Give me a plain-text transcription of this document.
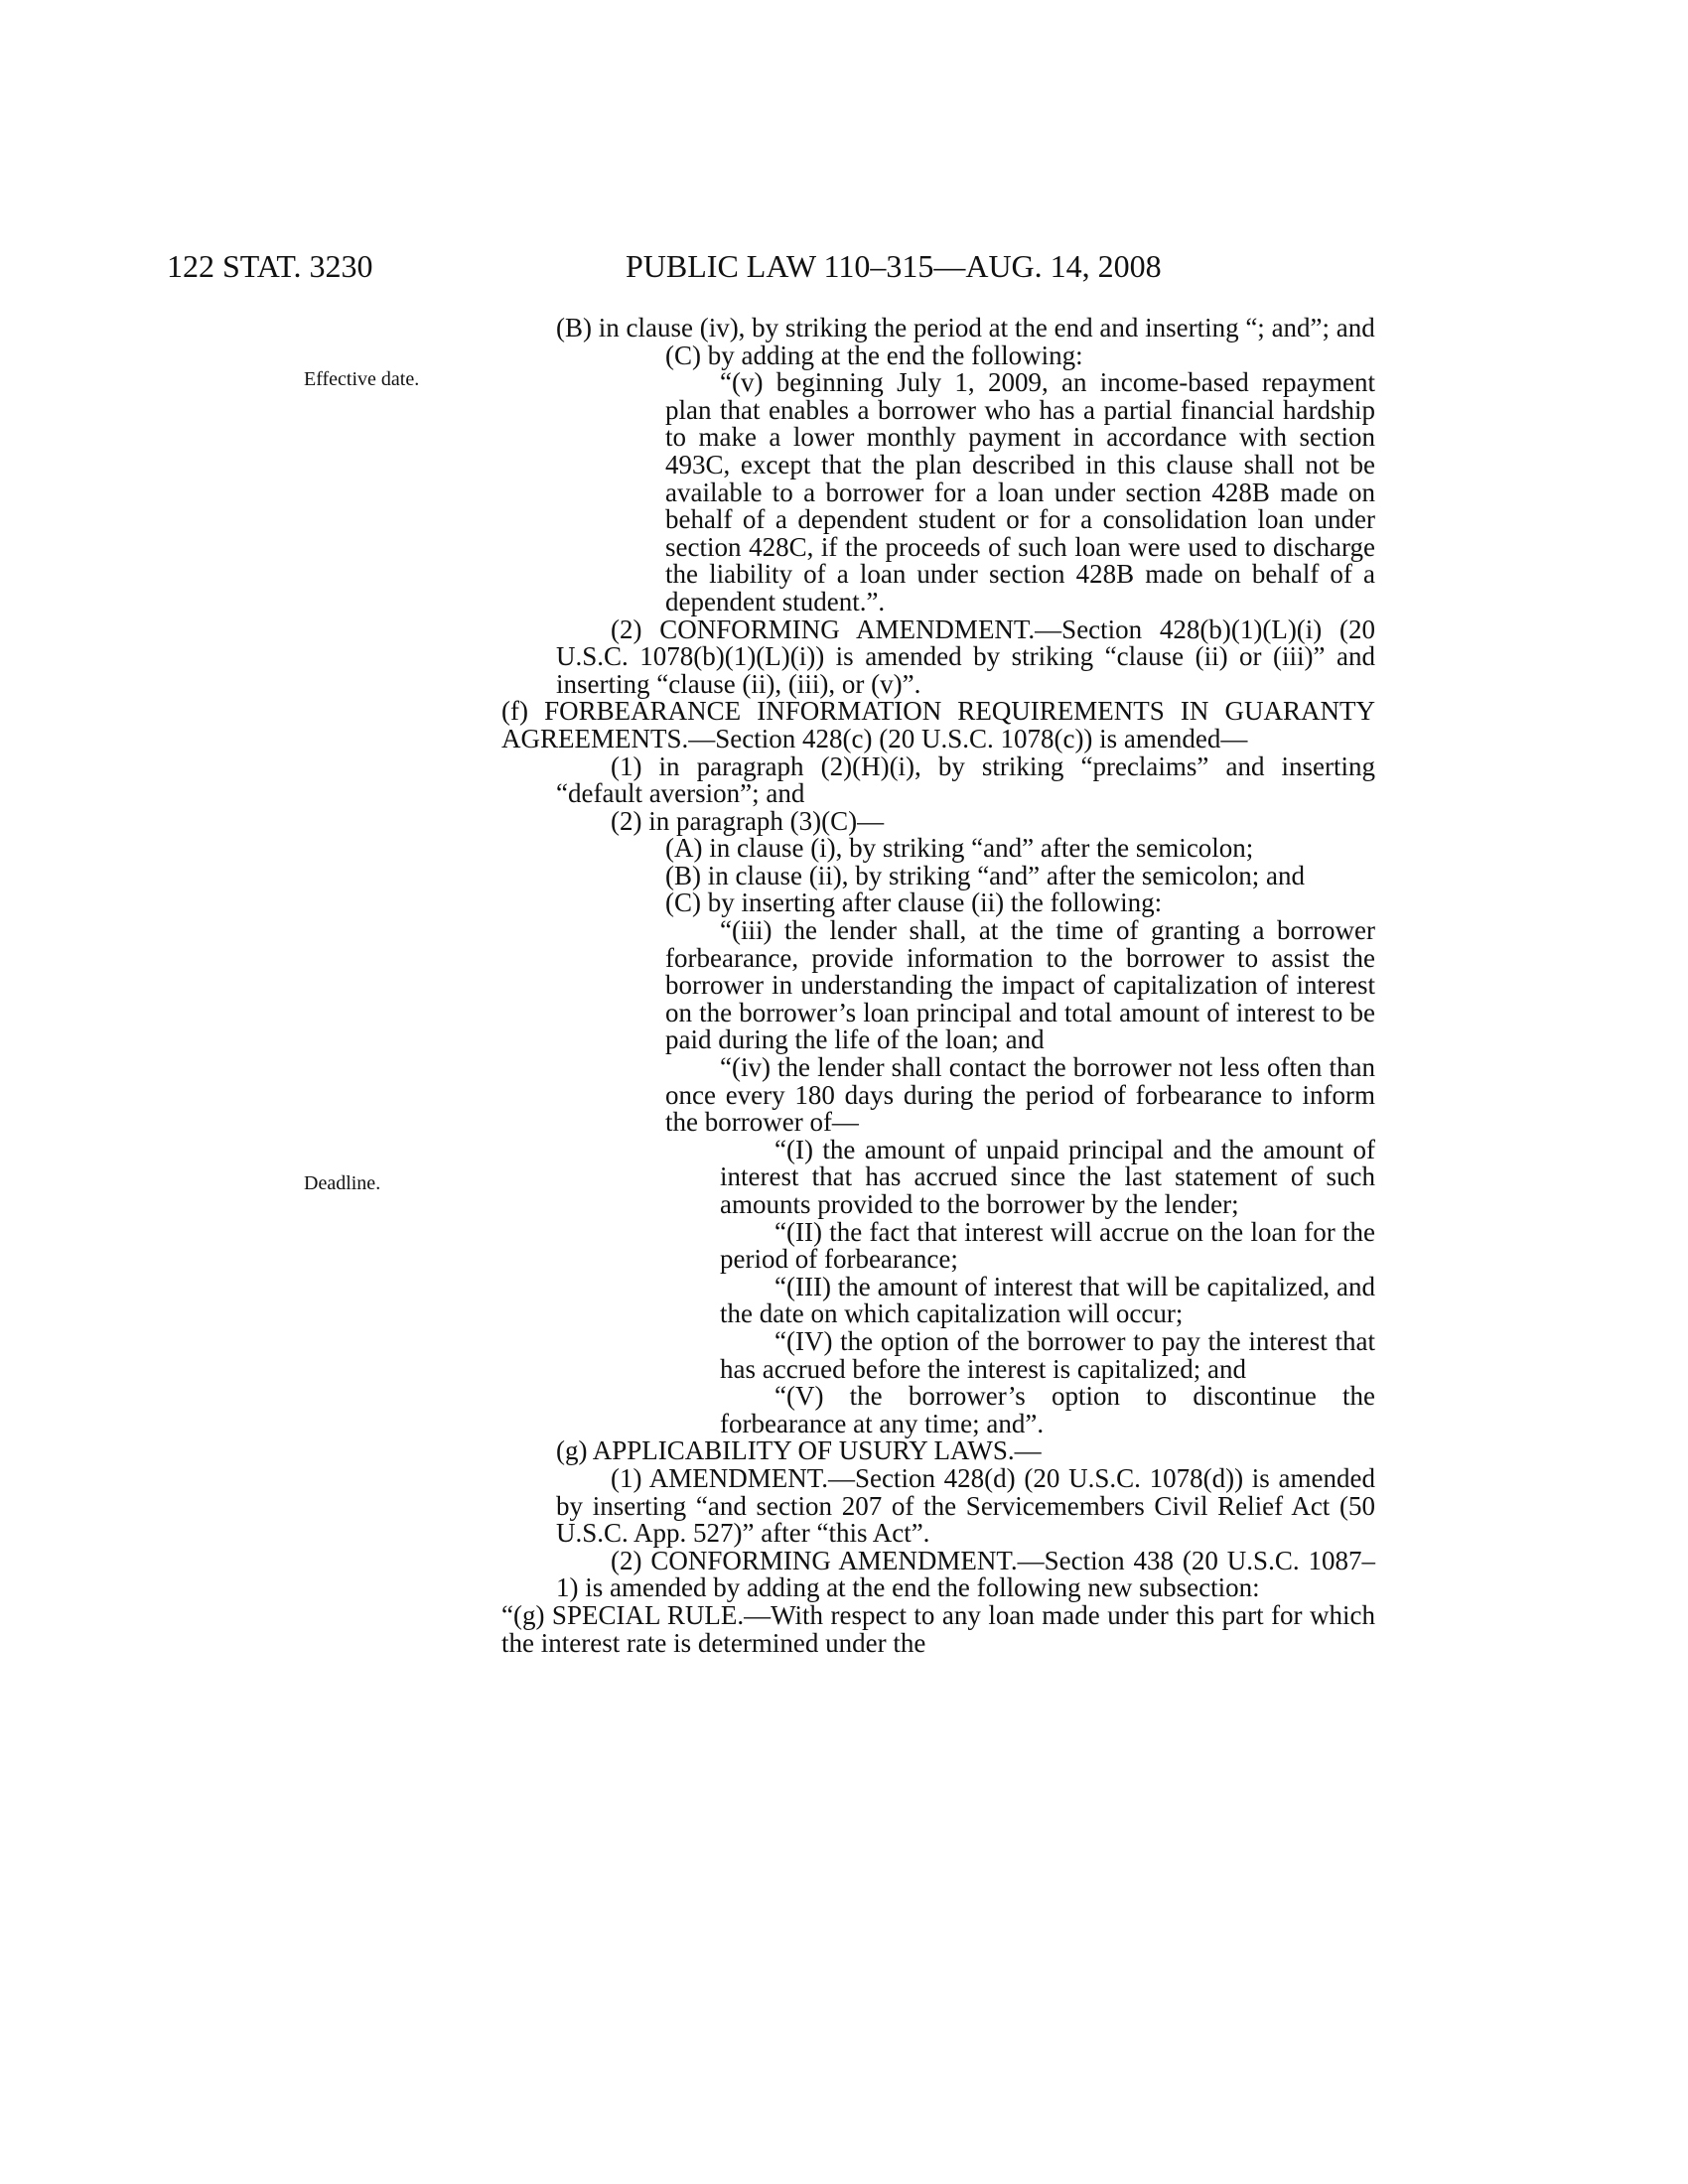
122 STAT. 3230	PUBLIC LAW 110–315—AUG. 14, 2008
Effective date.
Deadline.

(B) in clause (iv), by striking the period at the end and inserting “; and”; and

(C) by adding at the end the following:

“(v) beginning July 1, 2009, an income-based repayment plan that enables a borrower who has a partial financial hardship to make a lower monthly payment in accordance with section 493C, except that the plan described in this clause shall not be available to a borrower for a loan under section 428B made on behalf of a dependent student or for a consolidation loan under section 428C, if the proceeds of such loan were used to discharge the liability of a loan under section 428B made on behalf of a dependent student.”.

(2) CONFORMING AMENDMENT.—Section 428(b)(1)(L)(i) (20 U.S.C. 1078(b)(1)(L)(i)) is amended by striking “clause (ii) or (iii)” and inserting “clause (ii), (iii), or (v)”.

(f) FORBEARANCE INFORMATION REQUIREMENTS IN GUARANTY AGREEMENTS.—Section 428(c) (20 U.S.C. 1078(c)) is amended—

(1) in paragraph (2)(H)(i), by striking “preclaims” and inserting “default aversion”; and

(2) in paragraph (3)(C)—

(A) in clause (i), by striking “and” after the semicolon;

(B) in clause (ii), by striking “and” after the semicolon; and

(C) by inserting after clause (ii) the following:

“(iii) the lender shall, at the time of granting a borrower forbearance, provide information to the borrower to assist the borrower in understanding the impact of capitalization of interest on the borrower’s loan principal and total amount of interest to be paid during the life of the loan; and

“(iv) the lender shall contact the borrower not less often than once every 180 days during the period of forbearance to inform the borrower of—

“(I) the amount of unpaid principal and the amount of interest that has accrued since the last statement of such amounts provided to the borrower by the lender;

“(II) the fact that interest will accrue on the loan for the period of forbearance;

“(III) the amount of interest that will be capitalized, and the date on which capitalization will occur;

“(IV) the option of the borrower to pay the interest that has accrued before the interest is capitalized; and

“(V) the borrower’s option to discontinue the forbearance at any time; and”.

(g) APPLICABILITY OF USURY LAWS.—

(1) AMENDMENT.—Section 428(d) (20 U.S.C. 1078(d)) is amended by inserting “and section 207 of the Servicemembers Civil Relief Act (50 U.S.C. App. 527)” after “this Act”.

(2) CONFORMING AMENDMENT.—Section 438 (20 U.S.C. 1087–1) is amended by adding at the end the following new subsection:

“(g) SPECIAL RULE.—With respect to any loan made under this part for which the interest rate is determined under the
